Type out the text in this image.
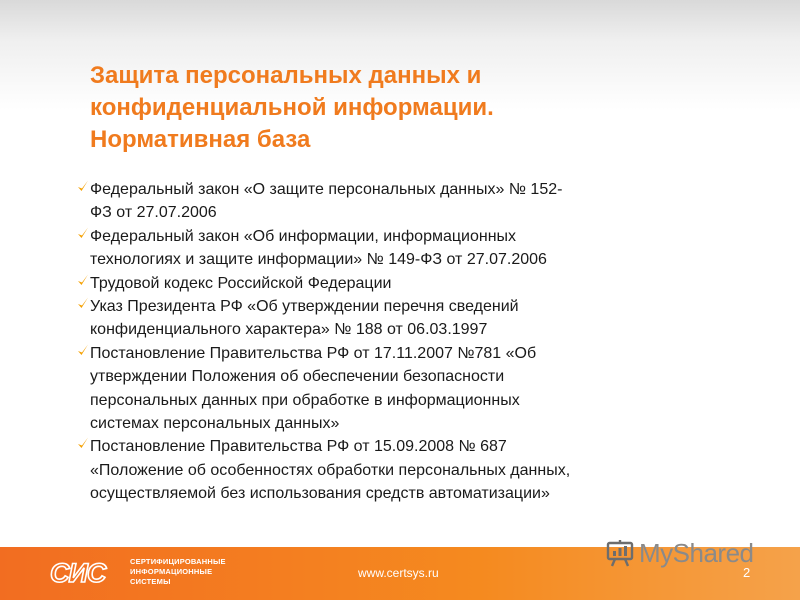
Защита персональных данных и
конфиденциальной информации.
Нормативная база
Федеральный закон «О защите персональных данных» № 152-
ФЗ от 27.07.2006
Федеральный закон «Об информации, информационных
технологиях и защите информации» № 149-ФЗ от 27.07.2006
Трудовой кодекс Российской Федерации
Указ Президента РФ «Об утверждении перечня сведений
конфиденциального характера» № 188 от 06.03.1997
Постановление Правительства РФ от 17.11.2007 №781 «Об
утверждении Положения об обеспечении безопасности
персональных данных при обработке в информационных
системах персональных данных»
Постановление Правительства РФ от 15.09.2008 № 687
«Положение об особенностях обработки персональных данных,
осуществляемой без использования средств автоматизации»
СИС	СЕРТИФИЦИРОВАННЫЕ
ИНФОРМАЦИОННЫЕ
СИСТЕМЫ
www.certsys.ru	2
MyShared
